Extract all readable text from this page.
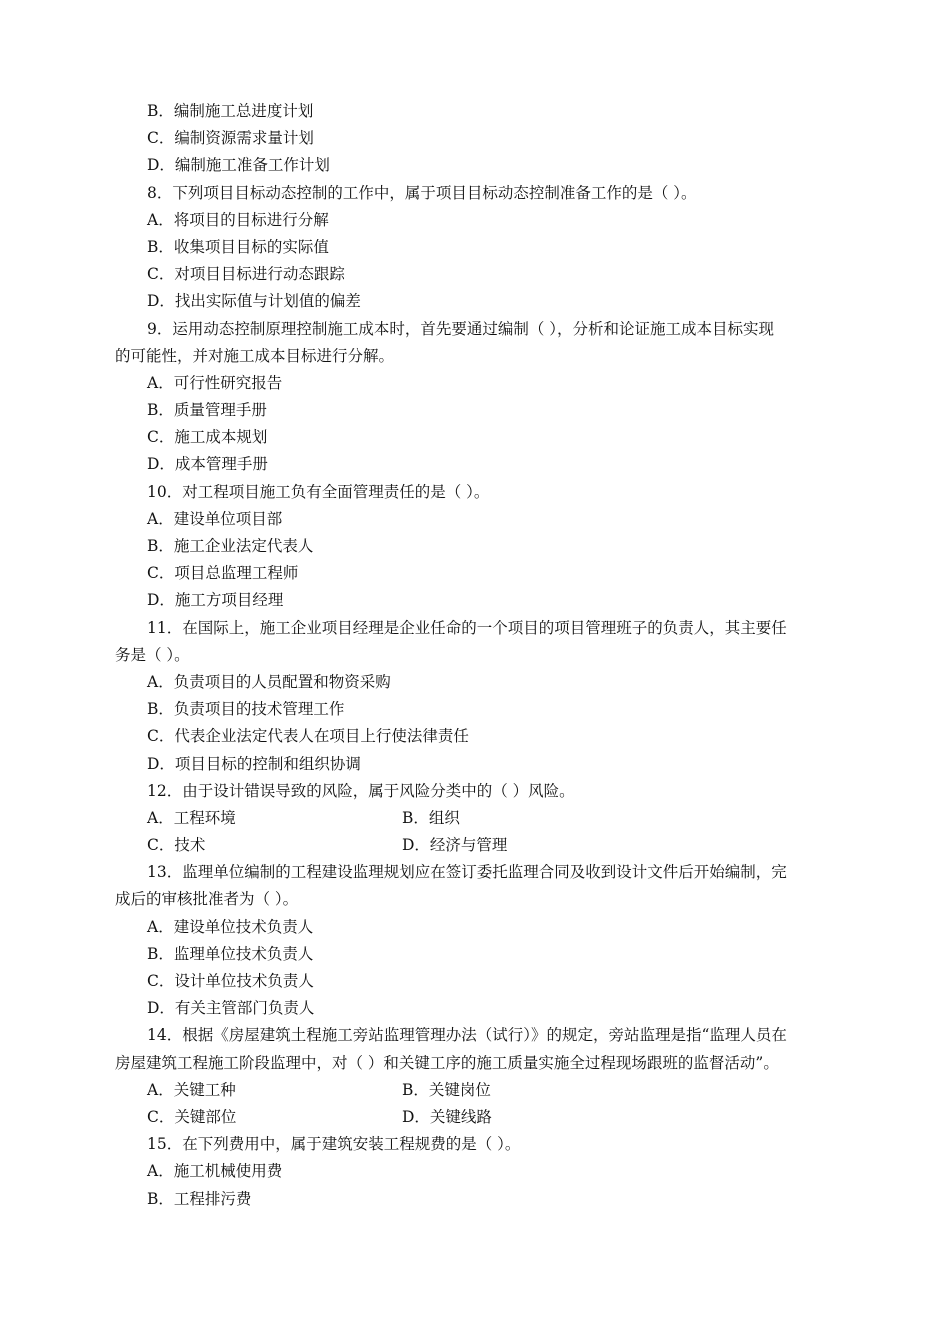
B．编制施工总进度计划
C．编制资源需求量计划
D．编制施工准备工作计划
8．下列项目目标动态控制的工作中，属于项目目标动态控制准备工作的是（ ）。
A．将项目的目标进行分解
B．收集项目目标的实际值
C．对项目目标进行动态跟踪
D．找出实际值与计划值的偏差
9．运用动态控制原理控制施工成本时，首先要通过编制（ ），分析和论证施工成本目标实现
的可能性，并对施工成本目标进行分解。
A．可行性研究报告
B．质量管理手册
C．施工成本规划
D．成本管理手册
10．对工程项目施工负有全面管理责任的是（ ）。
A．建设单位项目部
B．施工企业法定代表人
C．项目总监理工程师
D．施工方项目经理
11．在国际上，施工企业项目经理是企业任命的一个项目的项目管理班子的负责人，其主要任
务是（ ）。
A．负责项目的人员配置和物资采购
B．负责项目的技术管理工作
C．代表企业法定代表人在项目上行使法律责任
D．项目目标的控制和组织协调
12．由于设计错误导致的风险，属于风险分类中的（ ）风险。
A．工程环境	B．组织
C．技术	D．经济与管理
13．监理单位编制的工程建设监理规划应在签订委托监理合同及收到设计文件后开始编制，完
成后的审核批准者为（ ）。
A．建设单位技术负责人
B．监理单位技术负责人
C．设计单位技术负责人
D．有关主管部门负责人
14．根据《房屋建筑土程施工旁站监理管理办法（试行）》的规定，旁站监理是指“监理人员在
房屋建筑工程施工阶段监理中，对（ ）和关键工序的施工质量实施全过程现场跟班的监督活动”。
A．关键工种	B．关键岗位
C．关键部位	D．关键线路
15．在下列费用中，属于建筑安装工程规费的是（ ）。
A．施工机械使用费
B．工程排污费
